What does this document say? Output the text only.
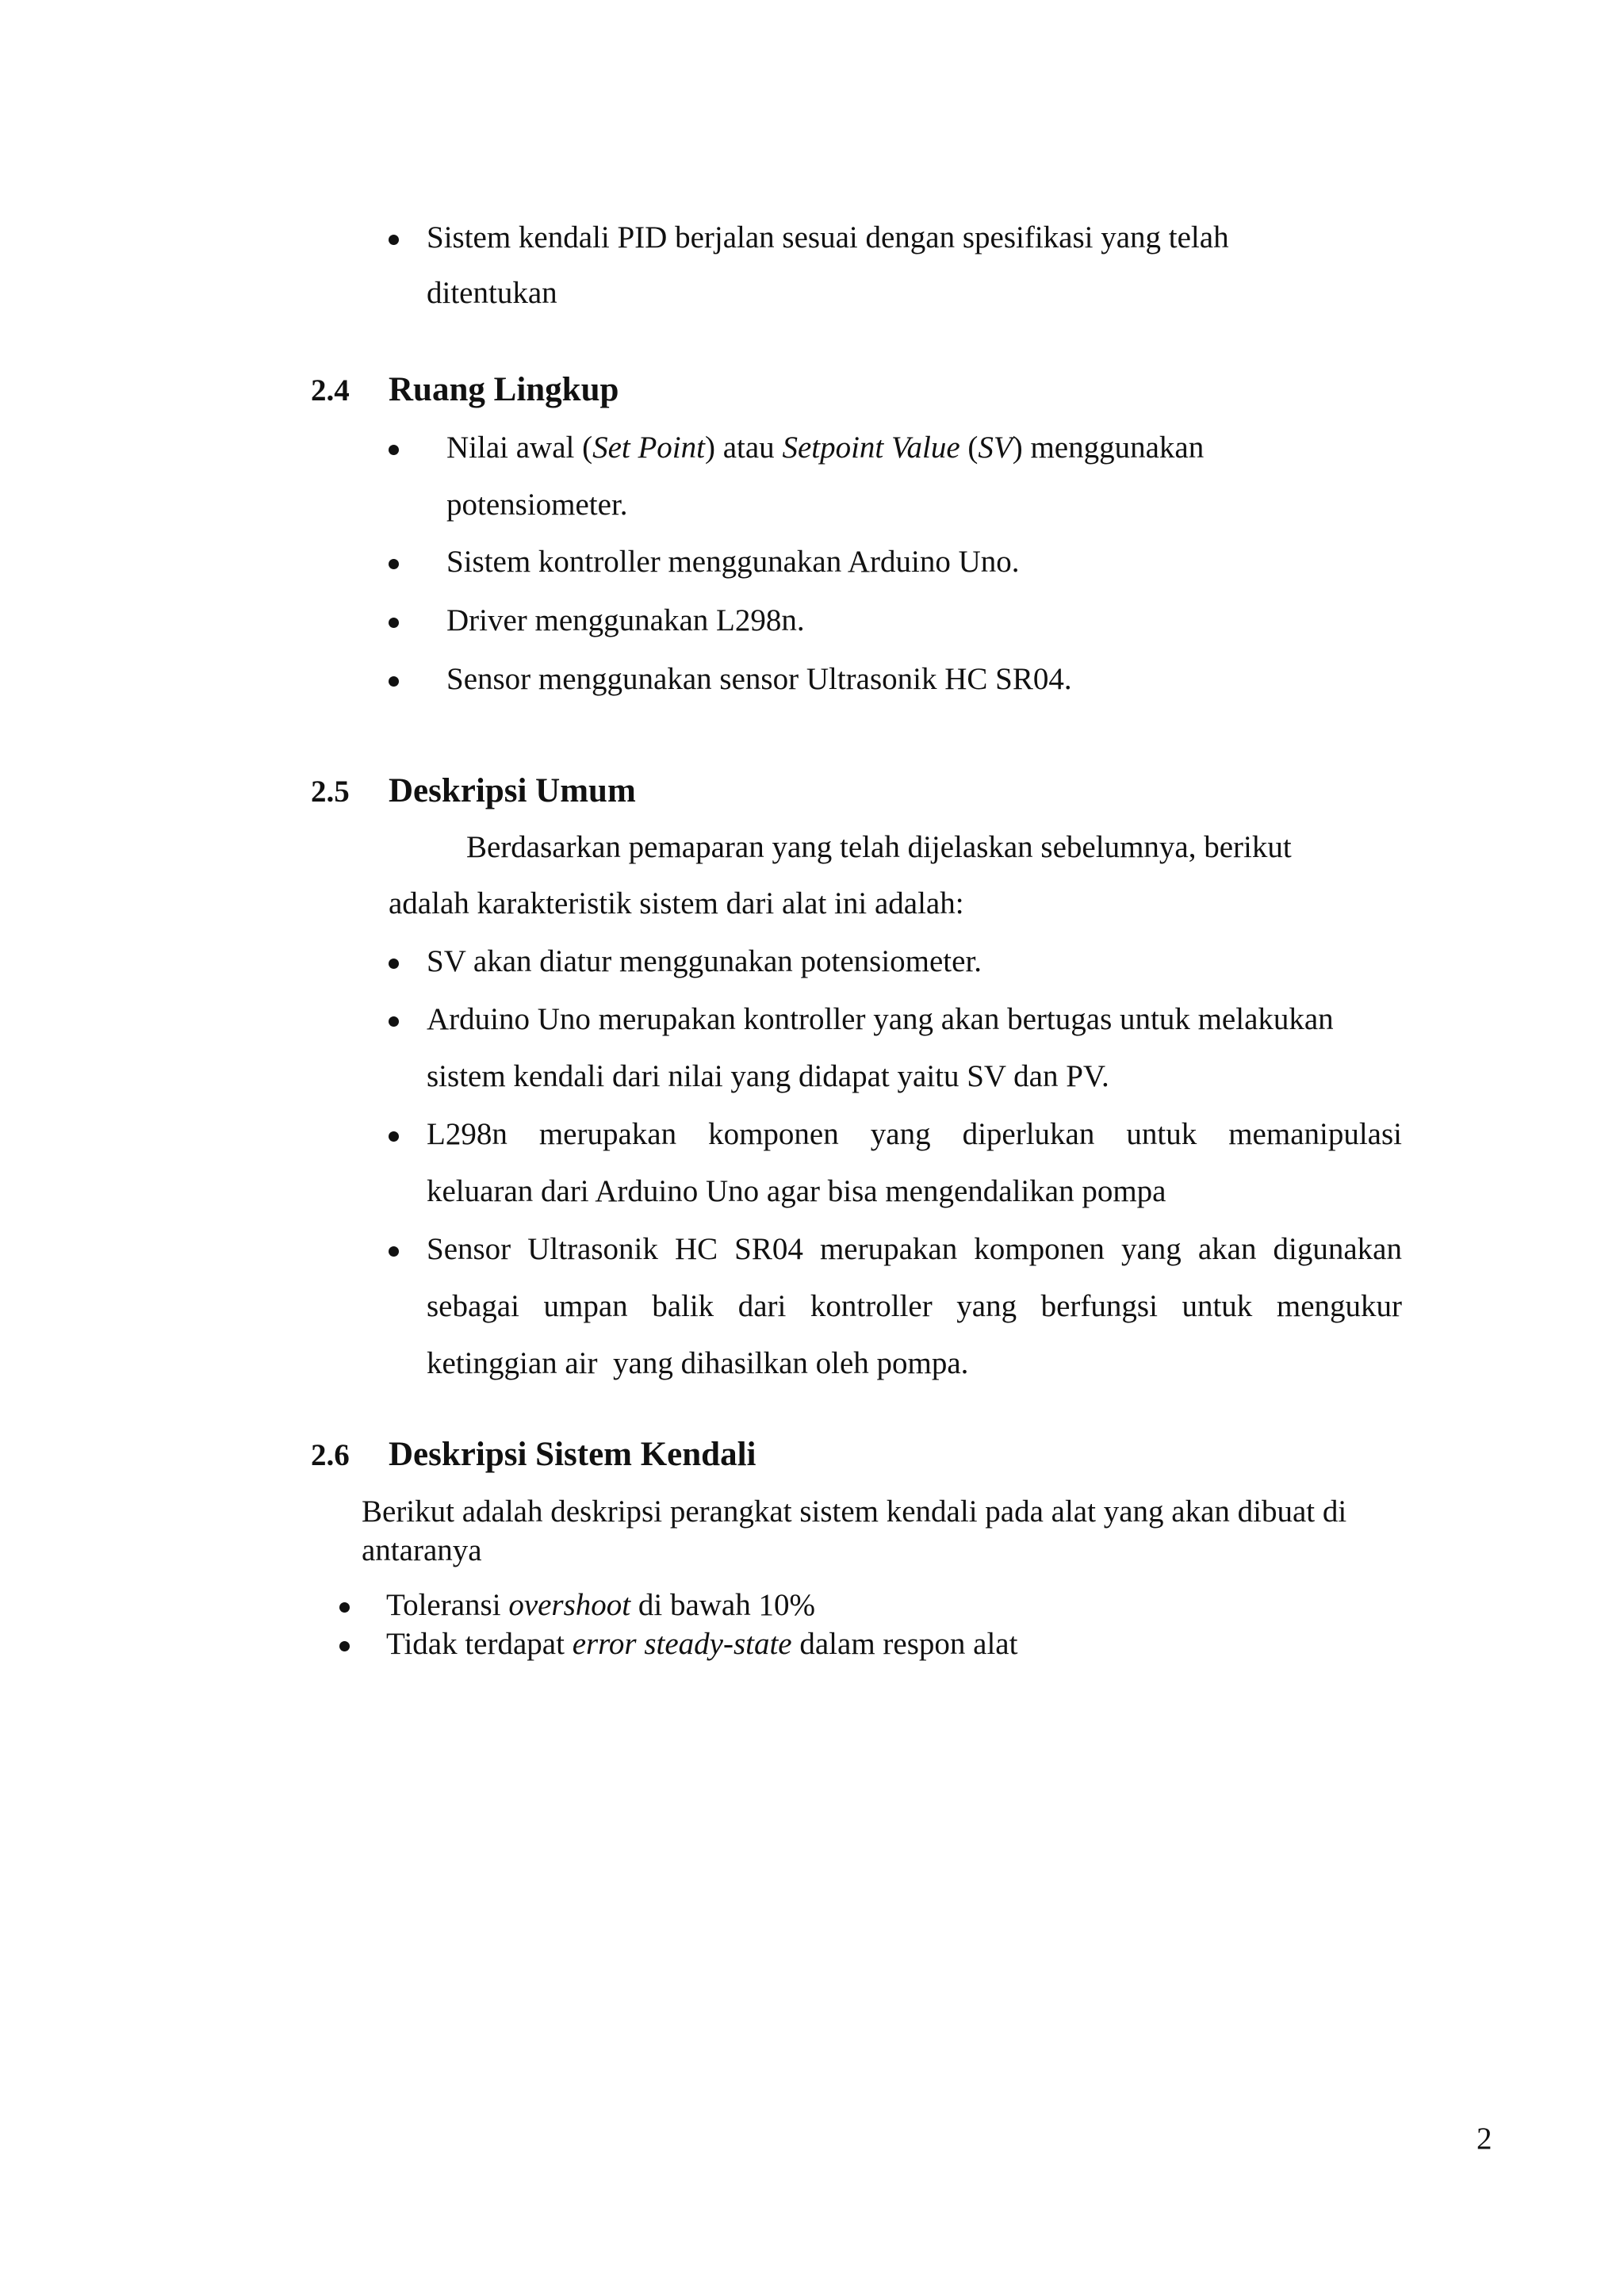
Sistem kendali PID berjalan sesuai dengan spesifikasi yang telah
ditentukan
2.4 Ruang Lingkup
Nilai awal (Set Point) atau Setpoint Value (SV) menggunakan
potensiometer.
Sistem kontroller menggunakan Arduino Uno.
Driver menggunakan L298n.
Sensor menggunakan sensor Ultrasonik HC SR04.
2.5 Deskripsi Umum
Berdasarkan pemaparan yang telah dijelaskan sebelumnya, berikut
adalah karakteristik sistem dari alat ini adalah:
SV akan diatur menggunakan potensiometer.
Arduino Uno merupakan kontroller yang akan bertugas untuk melakukan
sistem kendali dari nilai yang didapat yaitu SV dan PV.
L298n merupakan komponen yang diperlukan untuk memanipulasi
keluaran dari Arduino Uno agar bisa mengendalikan pompa
Sensor Ultrasonik HC SR04 merupakan komponen yang akan digunakan
sebagai umpan balik dari kontroller yang berfungsi untuk mengukur
ketinggian air  yang dihasilkan oleh pompa.
2.6 Deskripsi Sistem Kendali
Berikut adalah deskripsi perangkat sistem kendali pada alat yang akan dibuat di
antaranya
Toleransi overshoot di bawah 10%
Tidak terdapat error steady-state dalam respon alat
2
